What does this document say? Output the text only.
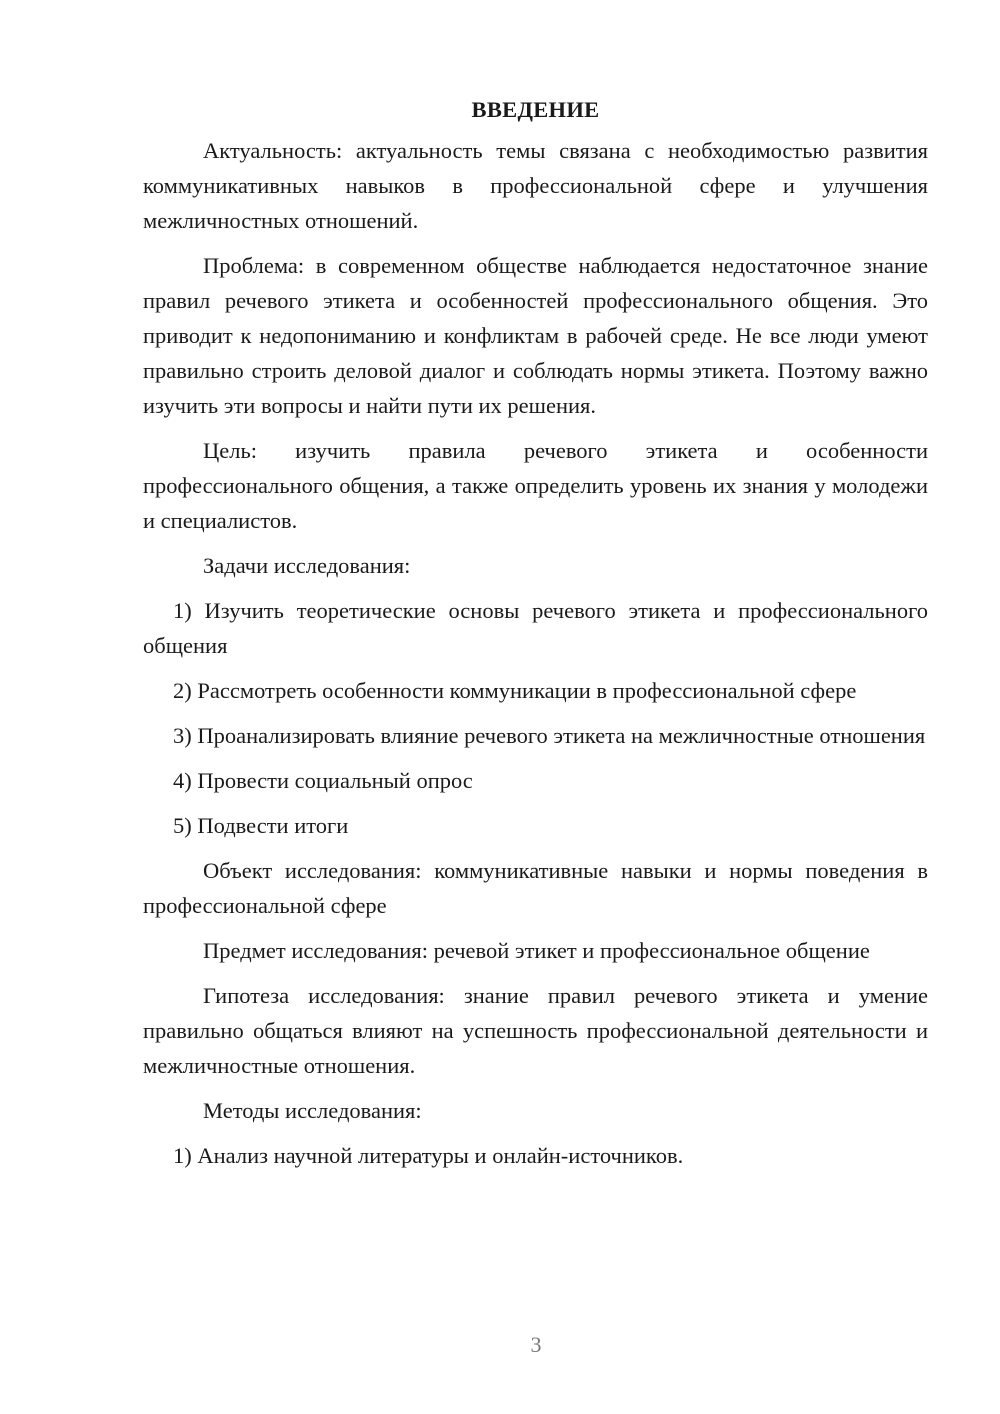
ВВЕДЕНИЕ

Актуальность: актуальность темы связана с необходимостью развития коммуникативных навыков в профессиональной сфере и улучшения межличностных отношений.

Проблема: в современном обществе наблюдается недостаточное знание правил речевого этикета и особенностей профессионального общения. Это приводит к недопониманию и конфликтам в рабочей среде. Не все люди умеют правильно строить деловой диалог и соблюдать нормы этикета. Поэтому важно изучить эти вопросы и найти пути их решения.

Цель: изучить правила речевого этикета и особенности профессионального общения, а также определить уровень их знания у молодежи и специалистов.

Задачи исследования:

1) Изучить теоретические основы речевого этикета и профессионального общения

2) Рассмотреть особенности коммуникации в профессиональной сфере

3) Проанализировать влияние речевого этикета на межличностные отношения

4) Провести социальный опрос

5) Подвести итоги

Объект исследования: коммуникативные навыки и нормы поведения в профессиональной сфере

Предмет исследования: речевой этикет и профессиональное общение

Гипотеза исследования: знание правил речевого этикета и умение правильно общаться влияют на успешность профессиональной деятельности и межличностные отношения.

Методы исследования:

1) Анализ научной литературы и онлайн-источников.

3
